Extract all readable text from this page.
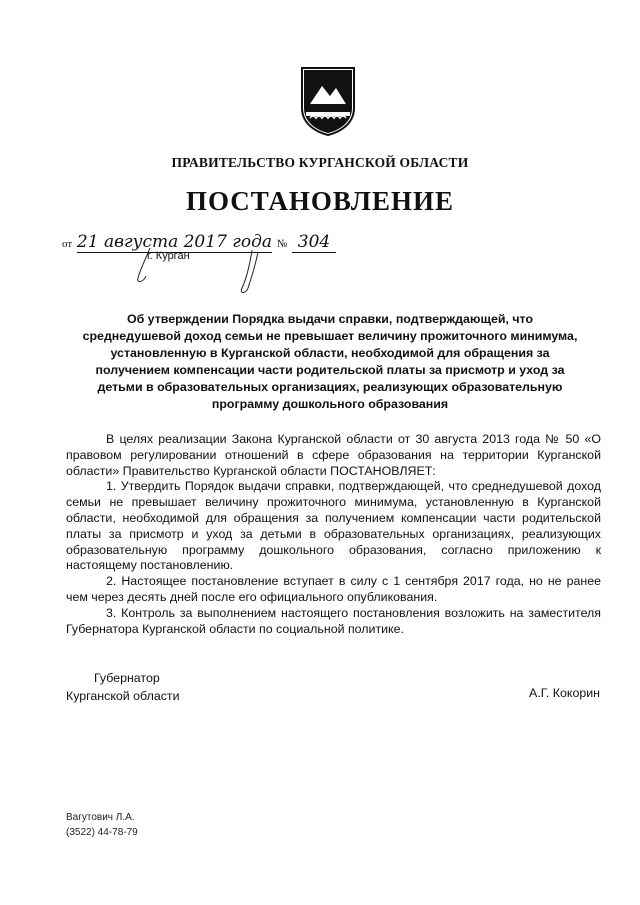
ПРАВИТЕЛЬСТВО КУРГАНСКОЙ ОБЛАСТИ
ПОСТАНОВЛЕНИЕ
от 21 августа 2017 года № 304
г. Курган
Об утверждении Порядка выдачи справки, подтверждающей, что среднедушевой доход семьи не превышает величину прожиточного минимума, установленную в Курганской области, необходимой для обращения за получением компенсации части родительской платы за присмотр и уход за детьми в образовательных организациях, реализующих образовательную программу дошкольного образования

В целях реализации Закона Курганской области от 30 августа 2013 года № 50 «О правовом регулировании отношений в сфере образования на территории Курганской области» Правительство Курганской области ПОСТАНОВЛЯЕТ:

1. Утвердить Порядок выдачи справки, подтверждающей, что среднедушевой доход семьи не превышает величину прожиточного минимума, установленную в Курганской области, необходимой для обращения за получением компенсации части родительской платы за присмотр и уход за детьми в образовательных организациях, реализующих образовательную программу дошкольного образования, согласно приложению к настоящему постановлению.

2. Настоящее постановление вступает в силу с 1 сентября 2017 года, но не ранее чем через десять дней после его официального опубликования.

3. Контроль за выполнением настоящего постановления возложить на заместителя Губернатора Курганской области по социальной политике.

Губернатор
Курганской области	А.Г. Кокорин
Вагутович Л.А.
(3522) 44-78-79
